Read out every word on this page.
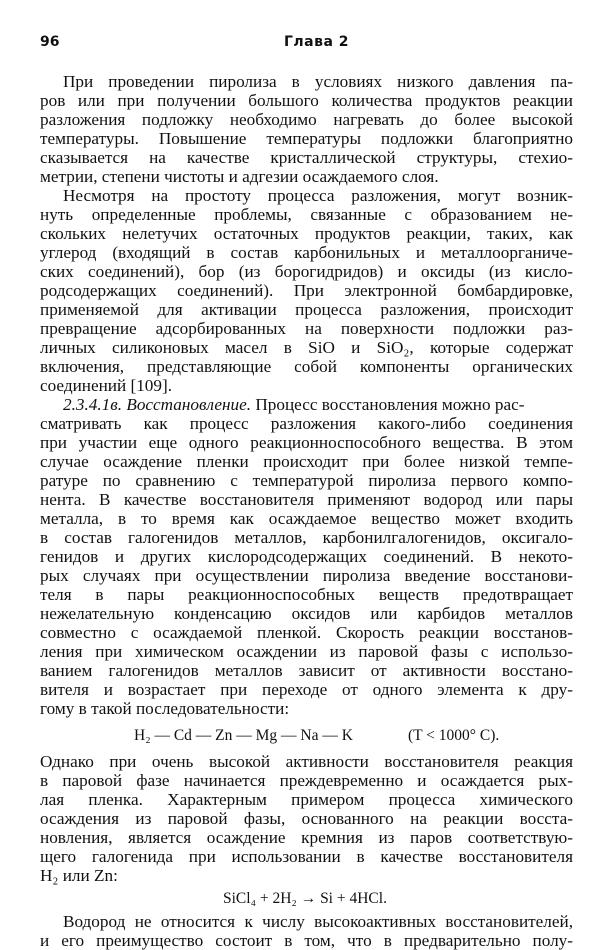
96	Глава 2
При проведении пиролиза в условиях низкого давления па-
ров или при получении большого количества продуктов реакции
разложения подложку необходимо нагревать до более высокой
температуры. Повышение температуры подложки благоприятно
сказывается на качестве кристаллической структуры, стехио-
метрии, степени чистоты и адгезии осаждаемого слоя.
Несмотря на простоту процесса разложения, могут возник-
нуть определенные проблемы, связанные с образованием не-
скольких нелетучих остаточных продуктов реакции, таких, как
углерод (входящий в состав карбонильных и металлоорганиче-
ских соединений), бор (из борогидридов) и оксиды (из кисло-
родсодержащих соединений). При электронной бомбардировке,
применяемой для активации процесса разложения, происходит
превращение адсорбированных на поверхности подложки раз-
личных силиконовых масел в SiO и SiO₂, которые содержат
включения, представляющие собой компоненты органических
соединений [109].
2.3.4.1в. Восстановление. Процесс восстановления можно рас-
сматривать как процесс разложения какого-либо соединения
при участии еще одного реакционноспособного вещества. В этом
случае осаждение пленки происходит при более низкой темпе-
ратуре по сравнению с температурой пиролиза первого компо-
нента. В качестве восстановителя применяют водород или пары
металла, в то время как осаждаемое вещество может входить
в состав галогенидов металлов, карбонилгалогенидов, оксигало-
генидов и других кислородсодержащих соединений. В некото-
рых случаях при осуществлении пиролиза введение восстанови-
теля в пары реакционноспособных веществ предотвращает
нежелательную конденсацию оксидов или карбидов металлов
совместно с осаждаемой пленкой. Скорость реакции восстанов-
ления при химическом осаждении из паровой фазы с использо-
ванием галогенидов металлов зависит от активности восстано-
вителя и возрастает при переходе от одного элемента к дру-
гому в такой последовательности:
H₂ — Cd — Zn — Mg — Na — K	(T < 1000° C).
Однако при очень высокой активности восстановителя реакция
в паровой фазе начинается преждевременно и осаждается рых-
лая пленка. Характерным примером процесса химического
осаждения из паровой фазы, основанного на реакции восста-
новления, является осаждение кремния из паров соответствую-
щего галогенида при использовании в качестве восстановителя
H₂ или Zn:
SiCl₄ + 2H₂ → Si + 4HCl.
Водород не относится к числу высокоактивных восстановителей,
и его преимущество состоит в том, что в предварительно полу-
